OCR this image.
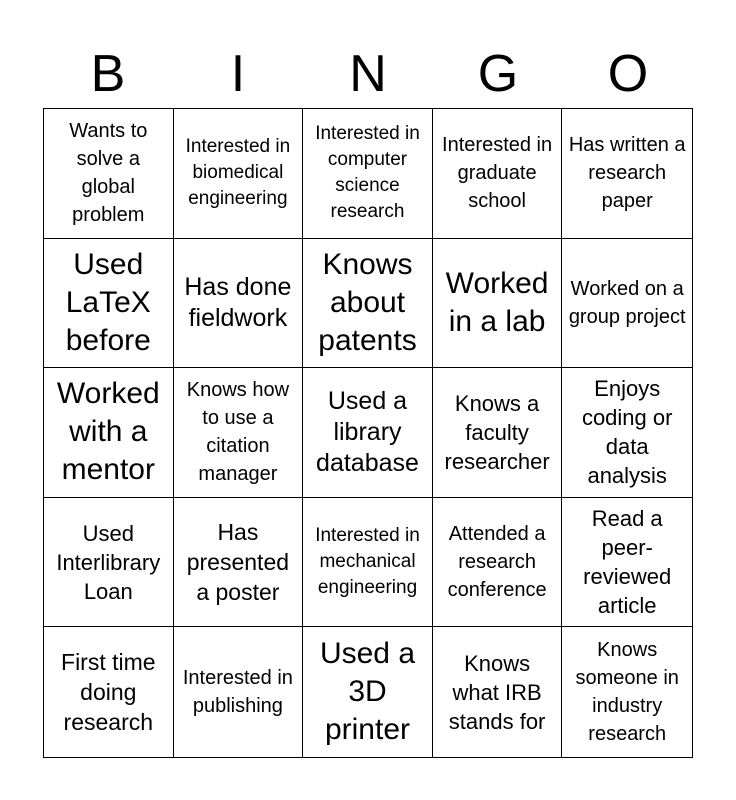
B	I	N	G	O
Wants to solve a global problem
Interested in biomedical engineering
Interested in computer science research
Interested in graduate school
Has written a research paper
Used LaTeX before
Has done fieldwork
Knows about patents
Worked in a lab
Worked on a group project
Worked with a mentor
Knows how to use a citation manager
Used a library database
Knows a faculty researcher
Enjoys coding or data analysis
Used Interlibrary Loan
Has presented a poster
Interested in mechanical engineering
Attended a research conference
Read a peer-reviewed article
First time doing research
Interested in publishing
Used a 3D printer
Knows what IRB stands for
Knows someone in industry research
